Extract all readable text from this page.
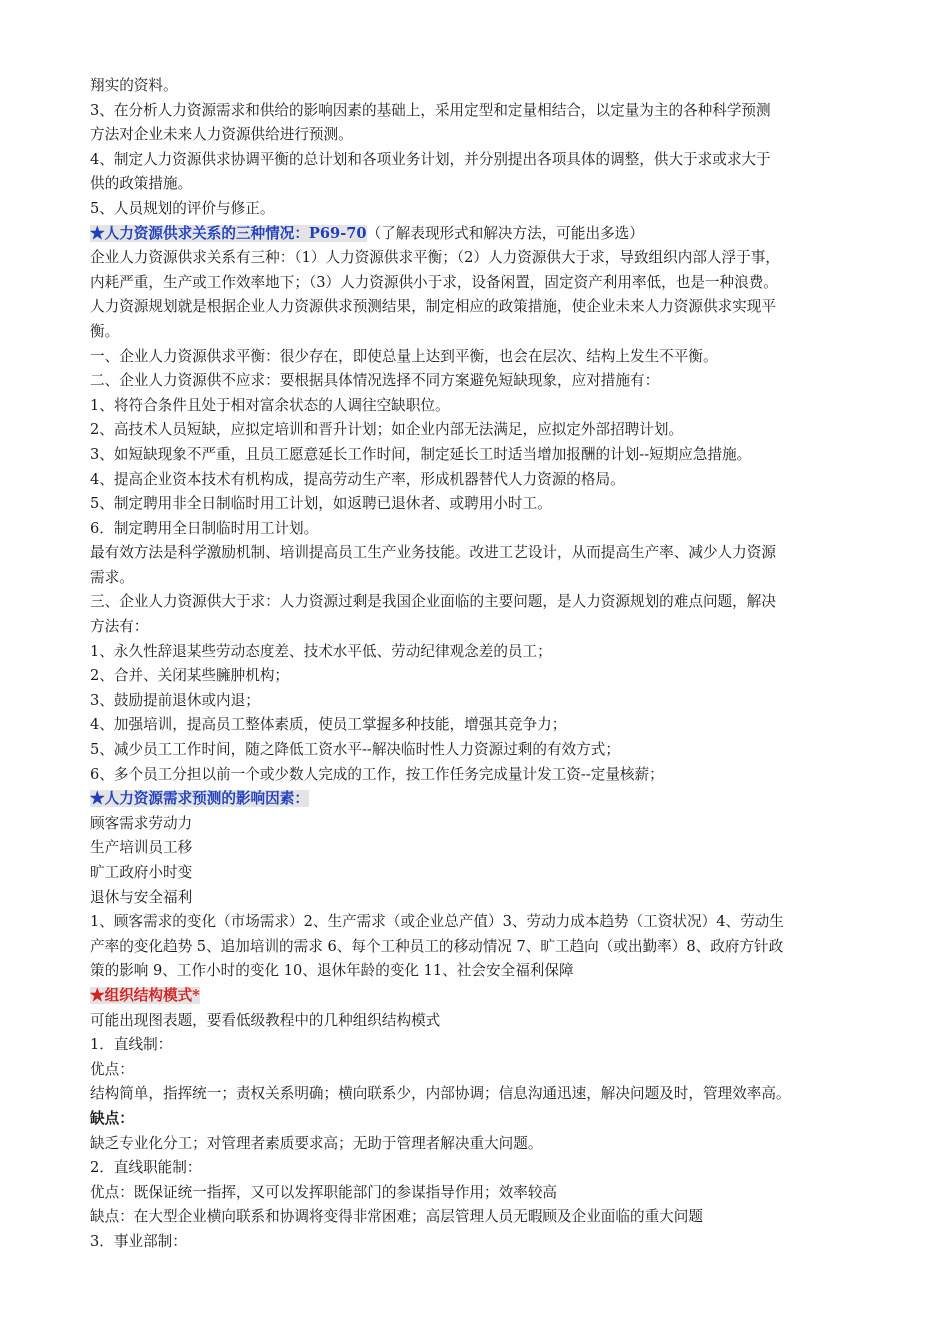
翔实的资料。
3、在分析人力资源需求和供给的影响因素的基础上，采用定型和定量相结合，以定量为主的各种科学预测
方法对企业未来人力资源供给进行预测。
4、制定人力资源供求协调平衡的总计划和各项业务计划，并分别提出各项具体的调整，供大于求或求大于
供的政策措施。
5、人员规划的评价与修正。
★人力资源供求关系的三种情况：P69-70（了解表现形式和解决方法，可能出多选）
企业人力资源供求关系有三种：（1）人力资源供求平衡；（2）人力资源供大于求，导致组织内部人浮于事，
内耗严重，生产或工作效率地下；（3）人力资源供小于求，设备闲置，固定资产利用率低，也是一种浪费。
人力资源规划就是根据企业人力资源供求预测结果，制定相应的政策措施，使企业未来人力资源供求实现平
衡。
一、企业人力资源供求平衡：很少存在，即使总量上达到平衡，也会在层次、结构上发生不平衡。
二、企业人力资源供不应求：要根据具体情况选择不同方案避免短缺现象，应对措施有：
1、将符合条件且处于相对富余状态的人调往空缺职位。
2、高技术人员短缺，应拟定培训和晋升计划；如企业内部无法满足，应拟定外部招聘计划。
3、如短缺现象不严重，且员工愿意延长工作时间，制定延长工时适当增加报酬的计划--短期应急措施。
4、提高企业资本技术有机构成，提高劳动生产率，形成机器替代人力资源的格局。
5、制定聘用非全日制临时用工计划，如返聘已退休者、或聘用小时工。
6．制定聘用全日制临时用工计划。
最有效方法是科学激励机制、培训提高员工生产业务技能。改进工艺设计，从而提高生产率、减少人力资源
需求。
三、企业人力资源供大于求：人力资源过剩是我国企业面临的主要问题，是人力资源规划的难点问题，解决
方法有：
1、永久性辞退某些劳动态度差、技术水平低、劳动纪律观念差的员工；
2、合并、关闭某些臃肿机构；
3、鼓励提前退休或内退；
4、加强培训，提高员工整体素质，使员工掌握多种技能，增强其竞争力；
5、减少员工工作时间，随之降低工资水平--解决临时性人力资源过剩的有效方式；
6、多个员工分担以前一个或少数人完成的工作，按工作任务完成量计发工资--定量核薪；
★人力资源需求预测的影响因素：
顾客需求劳动力
生产培训员工移
旷工政府小时变
退休与安全福利
1、顾客需求的变化（市场需求）2、生产需求（或企业总产值）3、劳动力成本趋势（工资状况）4、劳动生
产率的变化趋势 5、追加培训的需求 6、每个工种员工的移动情况 7、旷工趋向（或出勤率）8、政府方针政
策的影响 9、工作小时的变化 10、退休年龄的变化 11、社会安全福利保障
★组织结构模式*
可能出现图表题，要看低级教程中的几种组织结构模式
1．直线制：
优点：
结构简单，指挥统一；责权关系明确；横向联系少，内部协调；信息沟通迅速，解决问题及时，管理效率高。
缺点：
缺乏专业化分工；对管理者素质要求高；无助于管理者解决重大问题。
2．直线职能制：
优点：既保证统一指挥，又可以发挥职能部门的参谋指导作用；效率较高
缺点：在大型企业横向联系和协调将变得非常困难；高层管理人员无暇顾及企业面临的重大问题
3．事业部制：
